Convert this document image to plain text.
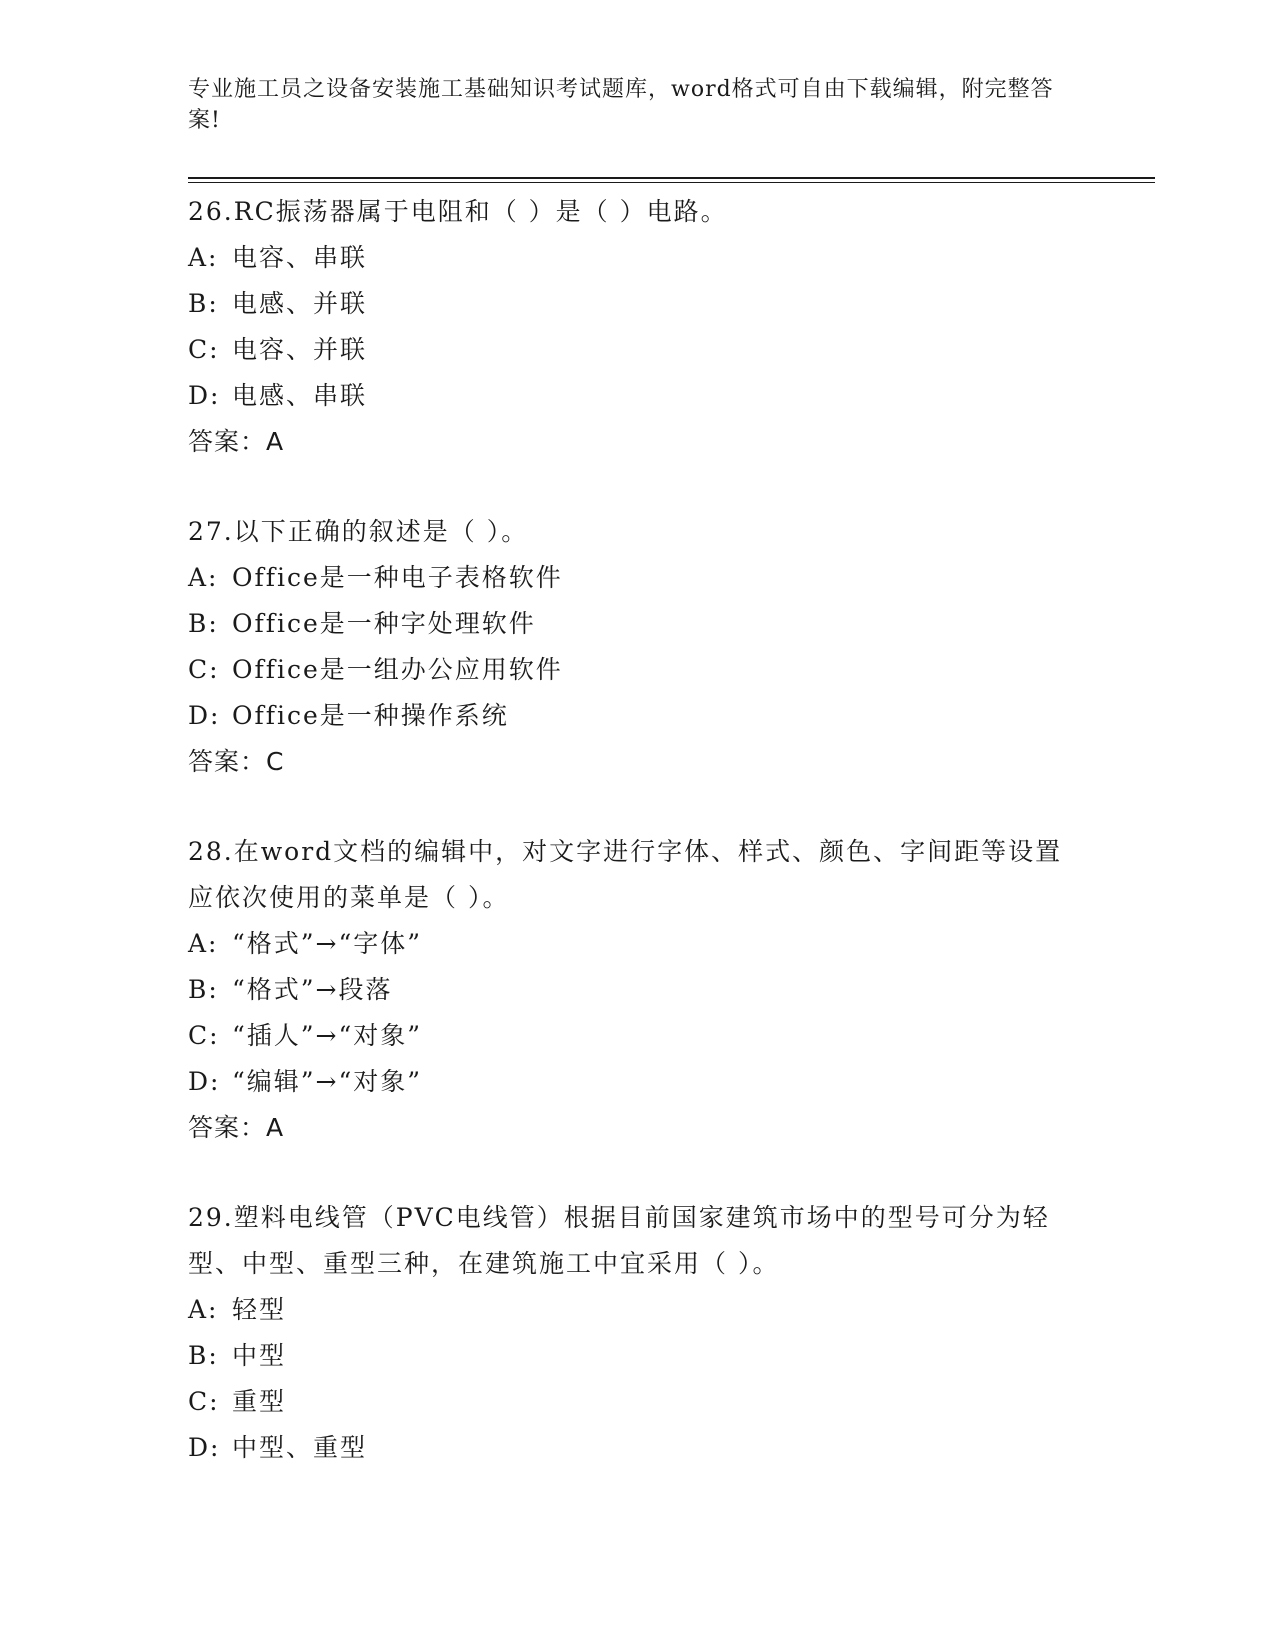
专业施工员之设备安装施工基础知识考试题库，word格式可自由下载编辑，附完整答案!
26.RC振荡器属于电阻和（ ）是（ ）电路。
A: 电容、串联
B: 电感、并联
C: 电容、并联
D: 电感、串联
答案：A
27.以下正确的叙述是（ ）。
A: Office是一种电子表格软件
B: Office是一种字处理软件
C: Office是一组办公应用软件
D: Office是一种操作系统
答案：C
28.在word文档的编辑中，对文字进行字体、样式、颜色、字间距等设置应依次使用的菜单是（ ）。
A: “格式”→“字体”
B: “格式”→段落
C: “插人”→“对象”
D: “编辑”→“对象”
答案：A
29.塑料电线管（PVC电线管）根据目前国家建筑市场中的型号可分为轻型、中型、重型三种，在建筑施工中宜采用（ ）。
A: 轻型
B: 中型
C: 重型
D: 中型、重型
